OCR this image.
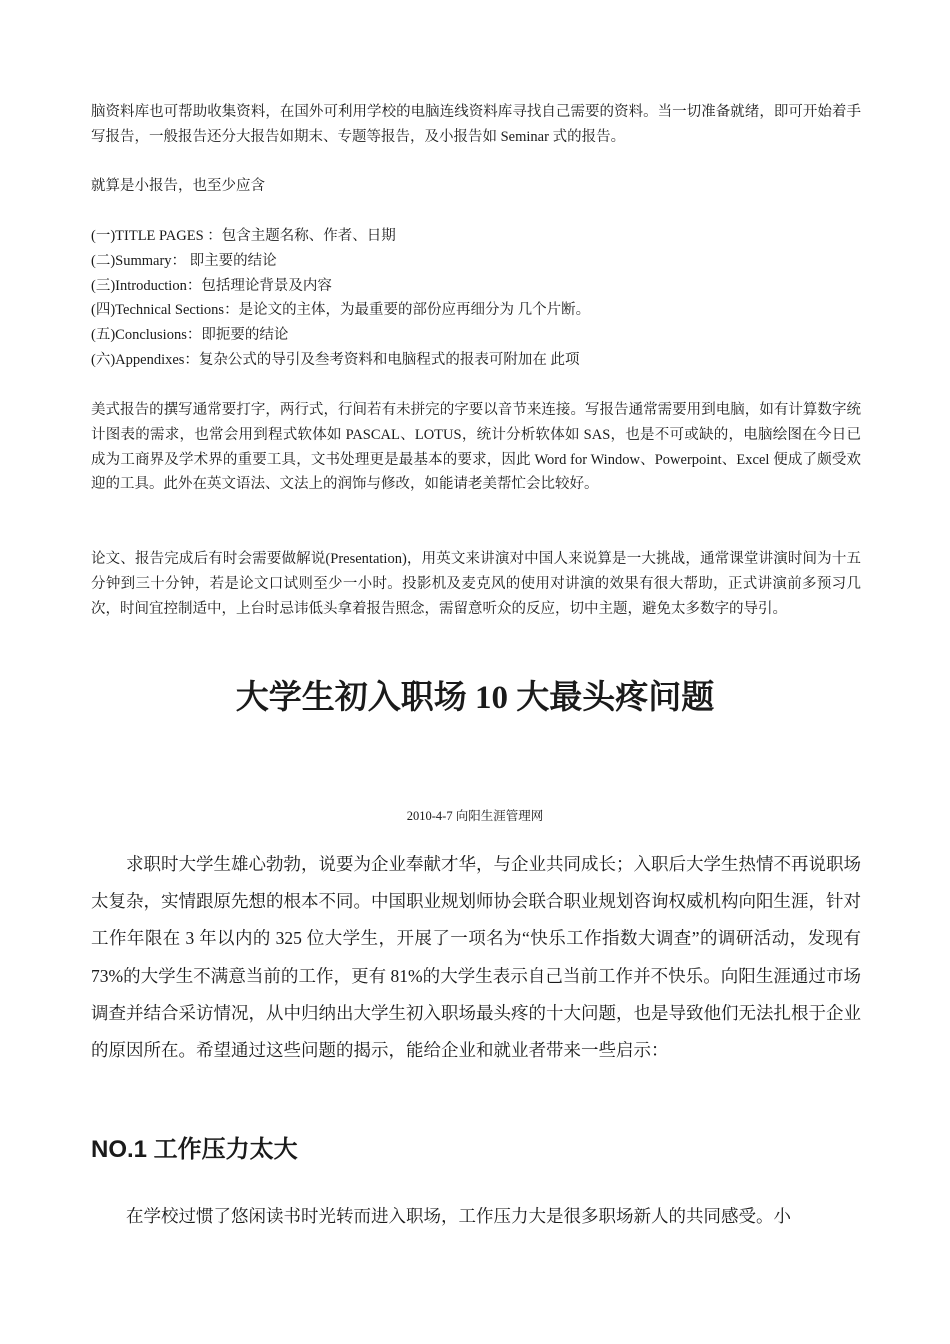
脑资料库也可帮助收集资料，在国外可利用学校的电脑连线资料库寻找自己需要的资料。当一切准备就绪，即可开始着手写报告，一般报告还分大报告如期末、专题等报告，及小报告如 Seminar 式的报告。

就算是小报告，也至少应含

(一)TITLE PAGES ：包含主题名称、作者、日期
(二)Summary： 即主要的结论
(三)Introduction：包括理论背景及内容
(四)Technical Sections：是论文的主体，为最重要的部份应再细分为 几个片断。
(五)Conclusions：即扼要的结论
(六)Appendixes：复杂公式的导引及叁考资料和电脑程式的报表可附加在 此项

美式报告的撰写通常要打字，两行式，行间若有未拼完的字要以音节来连接。写报告通常需要用到电脑，如有计算数字统计图表的需求，也常会用到程式软体如 PASCAL、LOTUS，统计分析软体如 SAS，也是不可或缺的，电脑绘图在今日已成为工商界及学术界的重要工具，文书处理更是最基本的要求，因此 Word for Window、Powerpoint、Excel 便成了颇受欢迎的工具。此外在英文语法、文法上的润饰与修改，如能请老美帮忙会比较好。

论文、报告完成后有时会需要做解说(Presentation)，用英文来讲演对中国人来说算是一大挑战，通常课堂讲演时间为十五分钟到三十分钟，若是论文口试则至少一小时。投影机及麦克风的使用对讲演的效果有很大帮助，正式讲演前多预习几次，时间宜控制适中，上台时忌讳低头拿着报告照念，需留意听众的反应，切中主题，避免太多数字的导引。

大学生初入职场 10 大最头疼问题
2010-4-7 向阳生涯管理网

求职时大学生雄心勃勃，说要为企业奉献才华，与企业共同成长；入职后大学生热情不再说职场太复杂，实情跟原先想的根本不同。中国职业规划师协会联合职业规划咨询权威机构向阳生涯，针对工作年限在 3 年以内的 325 位大学生，开展了一项名为“快乐工作指数大调查”的调研活动，发现有 73%的大学生不满意当前的工作，更有 81%的大学生表示自己当前工作并不快乐。向阳生涯通过市场调查并结合采访情况，从中归纳出大学生初入职场最头疼的十大问题，也是导致他们无法扎根于企业的原因所在。希望通过这些问题的揭示，能给企业和就业者带来一些启示：

NO.1 工作压力太大

在学校过惯了悠闲读书时光转而进入职场，工作压力大是很多职场新人的共同感受。小
